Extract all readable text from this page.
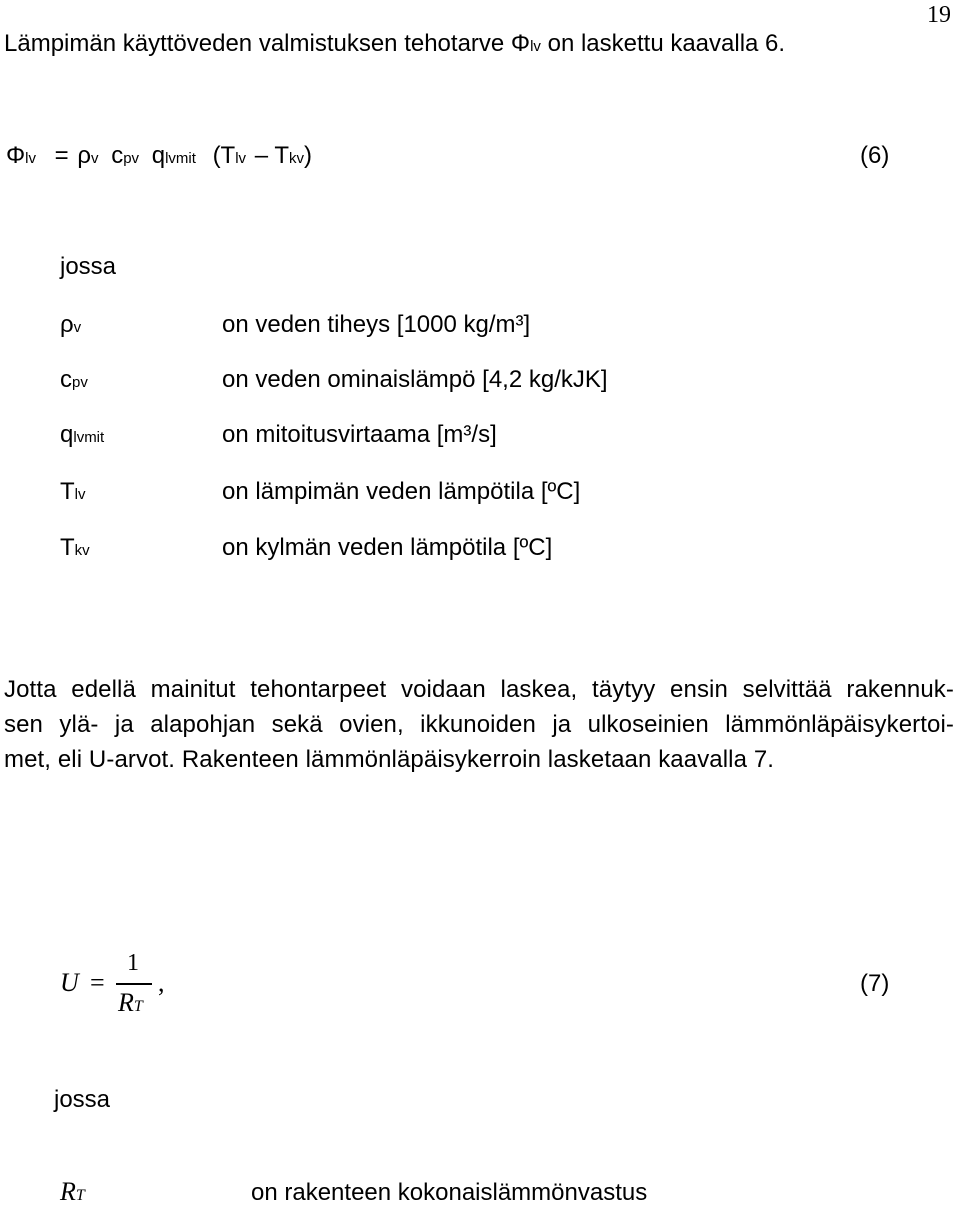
19
Lämpimän käyttöveden valmistuksen tehotarve Φlv on laskettu kaavalla 6.
Φlv = ρv cpv qlvmit (Tlv – Tkv)	(6)
jossa
ρv	on veden tiheys [1000 kg/m³]
cpv	on veden ominaislämpö [4,2 kg/kJK]
qlvmit	on mitoitusvirtaama [m³/s]
Tlv	on lämpimän veden lämpötila [ºC]
Tkv	on kylmän veden lämpötila [ºC]
Jotta edellä mainitut tehontarpeet voidaan laskea, täytyy ensin selvittää rakennuk-
sen ylä- ja alapohjan sekä ovien, ikkunoiden ja ulkoseinien lämmönläpäisykertoi-
met, eli U-arvot. Rakenteen lämmönläpäisykerroin lasketaan kaavalla 7.
U =
1
RT
,	(7)
jossa
RT	on rakenteen kokonaislämmönvastus
